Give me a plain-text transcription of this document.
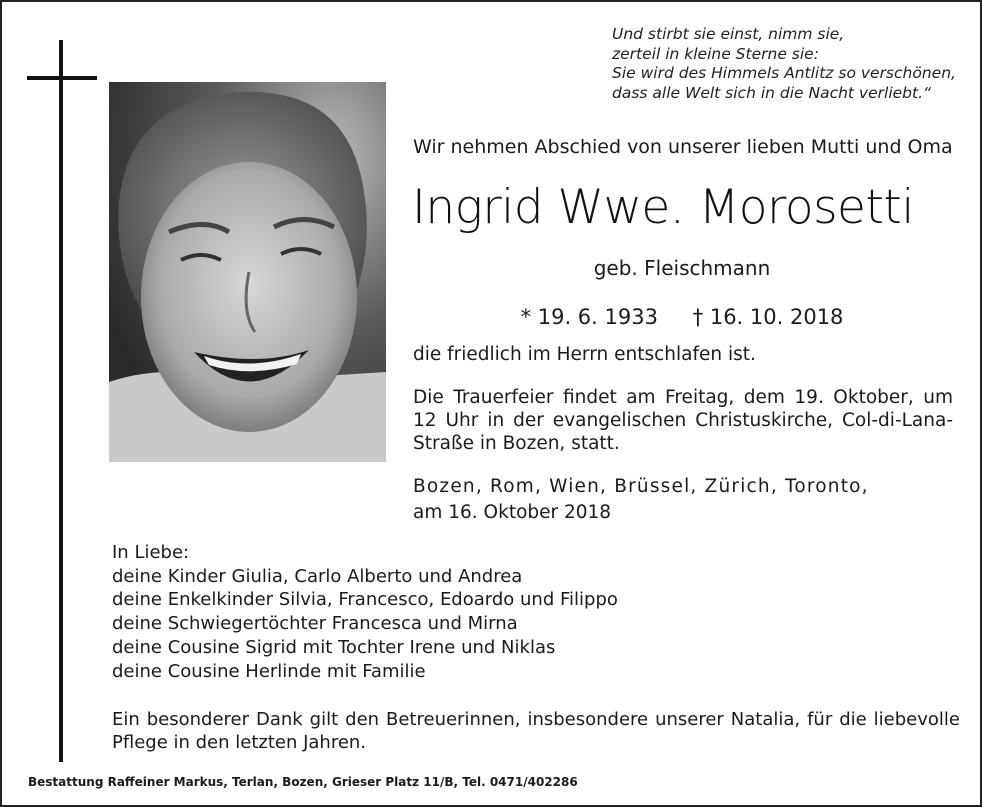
Und stirbt sie einst, nimm sie,
zerteil in kleine Sterne sie:
Sie wird des Himmels Antlitz so verschönen,
dass alle Welt sich in die Nacht verliebt.“
Wir nehmen Abschied von unserer lieben Mutti und Oma
Ingrid Wwe. Morosetti
geb. Fleischmann
* 19. 6. 1933 † 16. 10. 2018
die friedlich im Herrn entschlafen ist.
Die Trauerfeier findet am Freitag, dem 19. Oktober, um 12 Uhr in der evangelischen Christuskirche, Col-di-Lana-Straße in Bozen, statt.
Bozen, Rom, Wien, Brüssel, Zürich, Toronto,
am 16. Oktober 2018
In Liebe:
deine Kinder Giulia, Carlo Alberto und Andrea
deine Enkelkinder Silvia, Francesco, Edoardo und Filippo
deine Schwiegertöchter Francesca und Mirna
deine Cousine Sigrid mit Tochter Irene und Niklas
deine Cousine Herlinde mit Familie
Ein besonderer Dank gilt den Betreuerinnen, insbesondere unserer Natalia, für die liebevolle Pflege in den letzten Jahren.
Bestattung Raffeiner Markus, Terlan, Bozen, Grieser Platz 11/B, Tel. 0471/402286
